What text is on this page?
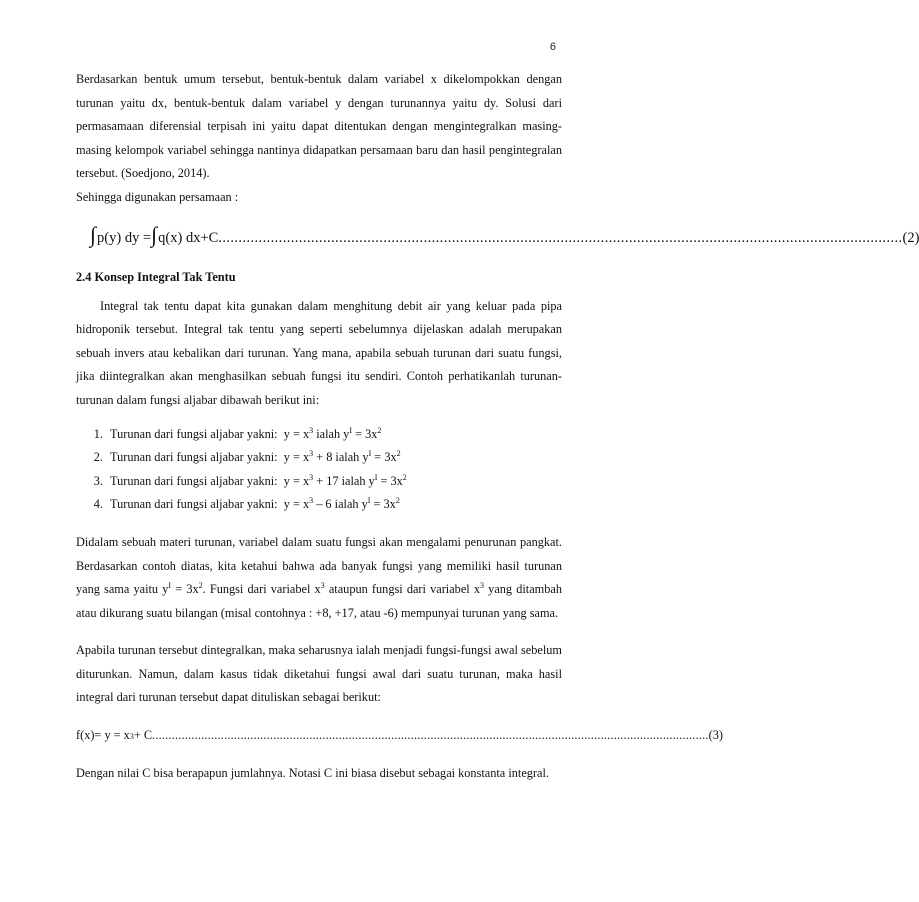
6

Berdasarkan bentuk umum tersebut, bentuk-bentuk dalam variabel x dikelompokkan dengan turunan yaitu dx, bentuk-bentuk dalam variabel y dengan turunannya yaitu dy. Solusi dari permasamaan diferensial terpisah ini yaitu dapat ditentukan dengan mengintegralkan masing-masing kelompok variabel sehingga nantinya didapatkan persamaan baru dan hasil pengintegralan tersebut. (Soedjono, 2014).

Sehingga digunakan persamaan :

∫ p(y) dy = ∫ q(x) dx+C .......................................................................................................................................................................... (2)

2.4 Konsep Integral Tak Tentu

Integral tak tentu dapat kita gunakan dalam menghitung debit air yang keluar pada pipa hidroponik tersebut. Integral tak tentu yang seperti sebelumnya dijelaskan adalah merupakan sebuah invers atau kebalikan dari turunan. Yang mana, apabila sebuah turunan dari suatu fungsi, jika diintegralkan akan menghasilkan sebuah fungsi itu sendiri. Contoh perhatikanlah turunan-turunan dalam fungsi aljabar dibawah berikut ini:

1. Turunan dari fungsi aljabar yakni: $y = x^3$ ialah $y^I = 3x^2$
2. Turunan dari fungsi aljabar yakni: $y = x^3 + 8$ ialah $y^I = 3x^2$
3. Turunan dari fungsi aljabar yakni: $y = x^3 + 17$ ialah $y^I = 3x^2$
4. Turunan dari fungsi aljabar yakni: $y = x^3 - 6$ ialah $y^I = 3x^2$

Didalam sebuah materi turunan, variabel dalam suatu fungsi akan mengalami penurunan pangkat. Berdasarkan contoh diatas, kita ketahui bahwa ada banyak fungsi yang memiliki hasil turunan yang sama yaitu $y^I = 3x^2$. Fungsi dari variabel $x^3$ ataupun fungsi dari variabel $x^3$ yang ditambah atau dikurang suatu bilangan (misal contohnya : +8, +17, atau -6) mempunyai turunan yang sama.

Apabila turunan tersebut dintegralkan, maka seharusnya ialah menjadi fungsi-fungsi awal sebelum diturunkan. Namun, dalam kasus tidak diketahui fungsi awal dari suatu turunan, maka hasil integral dari turunan tersebut dapat dituliskan sebagai berikut:

f(x)= y = x 3 + C .......................................................................................................................................................................... (3)

Dengan nilai C bisa berapapun jumlahnya. Notasi C ini biasa disebut sebagai konstanta integral.
